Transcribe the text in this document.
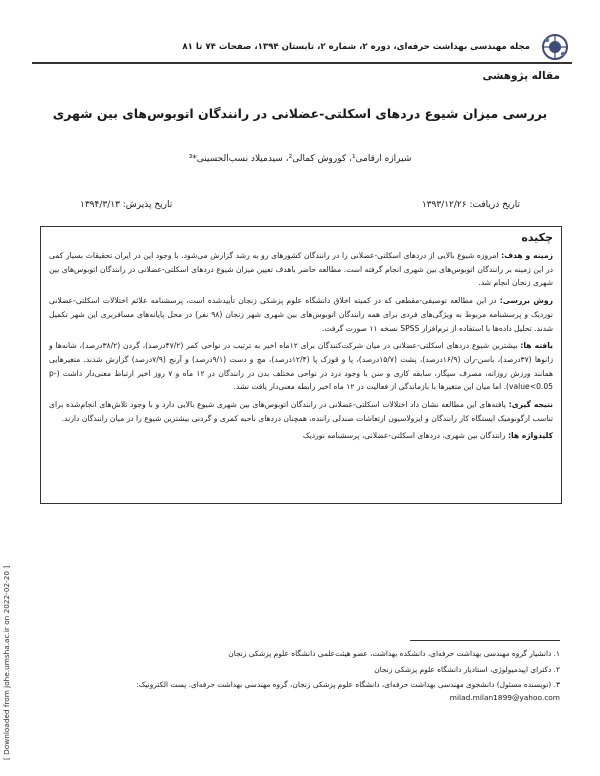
مجله مهندسی بهداشت حرفه‌ای، دوره ۲، شماره ۲، تابستان ۱۳۹۴، صفحات ۷۴ تا ۸۱
مقاله پژوهشی
بررسی میزان شیوع دردهای اسکلتی-عضلانی در رانندگان اتوبوس‌های بین شهری
شیرازه ارقامی¹، کوروش کمالی²، سیدمیلاد نسب‌الحسینی*³
تاریخ دریافت: ۱۳۹۳/۱۲/۲۶
تاریخ پذیرش: ۱۳۹۴/۳/۱۳
چکیده

زمینه و هدف: امروزه شیوع بالایی از دردهای اسکلتی-عضلانی را در رانندگان کشورهای رو به رشد گزارش می‌شود. با وجود این در ایران تحقیقات بسیار کمی در این زمینه بر رانندگان اتوبوس‌های بین شهری انجام گرفته است. مطالعه حاضر باهدف تعیین میزان شیوع دردهای اسکلتی-عضلانی در رانندگان اتوبوس‌های بین شهری زنجان انجام شد.

روش بررسی: در این مطالعه توصیفی-مقطعی که در کمیته اخلاق دانشگاه علوم پزشکی زنجان تأییدشده است، پرسشنامه علائم اختلالات اسکلتی-عضلانی نوردیک و پرسشنامه مربوط به ویژگی‌های فردی برای همه رانندگان اتوبوس‌های بین شهری شهر زنجان (۹۸ نفر) در محل پایانه‌های مسافربری این شهر تکمیل شدند. تحلیل داده‌ها با استفاده از نرم‌افزار SPSS نسخه ۱۱ صورت گرفت.

یافته ها: بیشترین شیوع دردهای اسکلتی-عضلانی در میان شرکت‌کنندگان برای ۱۲ماه اخیر به ترتیب در نواحی کمر (۴۷/۲درصد)، گردن (۳۸/۲درصد)، شانه‌ها و زانوها (۳۷درصد)، باسن-ران (۱۶/۹درصد)، پشت (۱۵/۷درصد)، پا و قوزک پا (۱۲/۴درصد)، مچ و دست (۹/۱درصد) و آرنج (۷/۹درصد) گزارش شدند. متغیرهایی همانند ورزش روزانه، مصرف سیگار، سابقه کاری و سن با وجود درد در نواحی مختلف بدن در رانندگان در ۱۲ ماه و ۷ روز اخیر ارتباط معنی‌دار داشت (p-value<0.05). اما میان این متغیرها با بازماندگی از فعالیت در ۱۲ ماه اخیر رابطه معنی‌دار یافت نشد.

نتیجه گیری: یافته‌های این مطالعه نشان داد اختلالات اسکلتی-عضلانی در رانندگان اتوبوس‌های بین شهری شیوع بالایی دارد و با وجود تلاش‌های انجام‌شده برای تناسب ارگونومیک ایستگاه کار رانندگان و ایزولاسیون ارتعاشات صندلی راننده، همچنان دردهای ناحیه کمری و گردنی بیشترین شیوع را در میان رانندگان دارند.

کلیدواژه ها: رانندگان بین شهری، دردهای اسکلتی-عضلانی، پرسشنامه نوردیک

[ Downloaded from johe.umsha.ac.ir on 2022-02-20 ]	۱. دانشیار گروه مهندسی بهداشت حرفه‌ای، دانشکده بهداشت، عضو هیئت‌علمی دانشگاه علوم پزشکی زنجان

۲. دکترای اپیدمیولوژی، استادیار دانشگاه علوم پزشکی زنجان

۳. (نویسنده مسئول) دانشجوی مهندسی بهداشت حرفه‌ای، دانشگاه علوم پزشکی زنجان، گروه مهندسی بهداشت حرفه‌ای. پست الکترونیک:
milad.milan1899@yahoo.com
